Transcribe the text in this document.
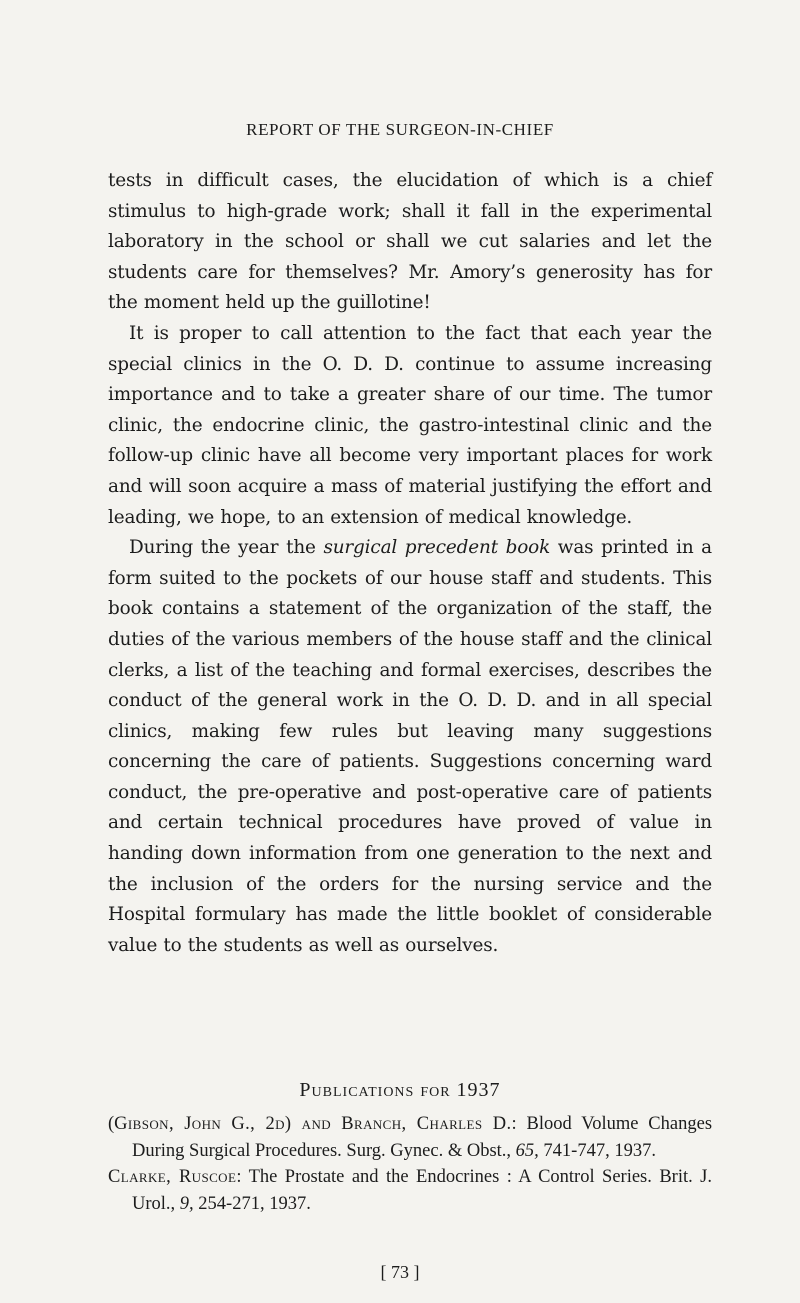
REPORT OF THE SURGEON-IN-CHIEF

tests in difficult cases, the elucidation of which is a chief stimulus to high-grade work; shall it fall in the experimental laboratory in the school or shall we cut salaries and let the students care for themselves? Mr. Amory’s generosity has for the moment held up the guillotine!

It is proper to call attention to the fact that each year the special clinics in the O. D. D. continue to assume increasing importance and to take a greater share of our time. The tumor clinic, the endocrine clinic, the gastro-intestinal clinic and the follow-up clinic have all become very important places for work and will soon acquire a mass of material justifying the effort and leading, we hope, to an extension of medical knowledge.

During the year the surgical precedent book was printed in a form suited to the pockets of our house staff and students. This book contains a statement of the organization of the staff, the duties of the various members of the house staff and the clinical clerks, a list of the teaching and formal exercises, describes the conduct of the general work in the O. D. D. and in all special clinics, making few rules but leaving many suggestions concerning the care of patients. Suggestions concerning ward conduct, the pre-operative and post-operative care of patients and certain technical procedures have proved of value in handing down information from one generation to the next and the inclusion of the orders for the nursing service and the Hospital formulary has made the little booklet of considerable value to the students as well as ourselves.

Publications for 1937

(Gibson, John G., 2d) and Branch, Charles D.: Blood Volume Changes During Surgical Procedures. Surg. Gynec. & Obst., 65, 741-747, 1937.

Clarke, Ruscoe: The Prostate and the Endocrines : A Control Series. Brit. J. Urol., 9, 254-271, 1937.

[ 73 ]
